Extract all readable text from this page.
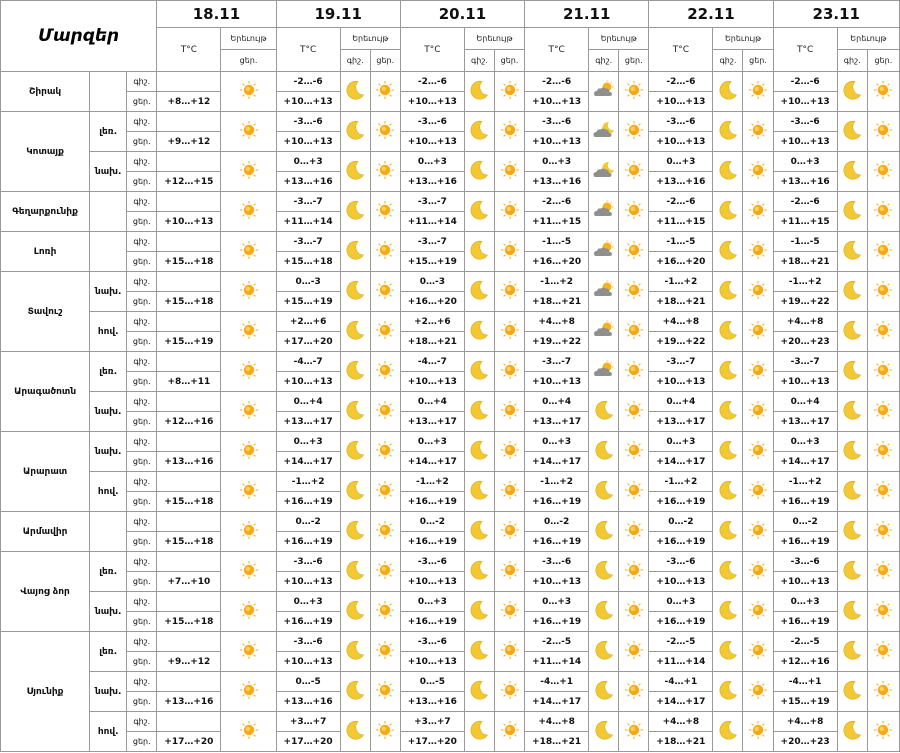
Մարզեր			18.11		19.11			20.11			21.11			22.11			23.11		
			T°C	Երեւույթ	T°C	Երեւույթ		T°C	Երեւույթ		T°C	Երեւույթ		T°C	Երեւույթ		T°C	Երեւույթ	
				ցեր.		գիշ.	ցեր.		գիշ.	ցեր.		գիշ.	ցեր.		գիշ.	ցեր.		գիշ.	ցեր.
Շիրակ		գիշ.			-2…-6			-2…-6			-2…-6			-2…-6			-2…-6	

		ցեր.	+8…+12		+10…+13			+10…+13			+10…+13			+10…+13			+10…+13		
Կոտայք	լեռ.	գիշ.			-3…-6			-3…-6			-3…-6			-3…-6			-3…-6	

		ցեր.	+9…+12		+10…+13			+10…+13			+10…+13			+10…+13			+10…+13		
	նախ.	գիշ.			0…+3			0…+3			0…+3			0…+3			0…+3	

		ցեր.	+12…+15		+13…+16			+13…+16			+13…+16			+13…+16			+13…+16		
Գեղարքունիք		գիշ.			-3…-7			-3…-7			-2…-6			-2…-6			-2…-6	

		ցեր.	+10…+13		+11…+14			+11…+14			+11…+15			+11…+15			+11…+15		
Լոռի		գիշ.			-3…-7			-3…-7			-1…-5			-1…-5			-1…-5	

		ցեր.	+15…+18		+15…+18			+15…+19			+16…+20			+16…+20			+18…+21		
Տավուշ	նախ.	գիշ.			0…-3			0…-3			-1…+2			-1…+2			-1…+2	

		ցեր.	+15…+18		+15…+19			+16…+20			+18…+21			+18…+21			+19…+22		
	հով.	գիշ.			+2…+6			+2…+6			+4…+8			+4…+8			+4…+8	

		ցեր.	+15…+19		+17…+20			+18…+21			+19…+22			+19…+22			+20…+23		
Արագածոտն	լեռ.	գիշ.			-4…-7			-4…-7			-3…-7			-3…-7			-3…-7	

		ցեր.	+8…+11		+10…+13			+10…+13			+10…+13			+10…+13			+10…+13		
	նախ.	գիշ.			0…+4			0…+4			0…+4			0…+4			0…+4	

		ցեր.	+12…+16		+13…+17			+13…+17			+13…+17			+13…+17			+13…+17		
Արարատ	նախ.	գիշ.			0…+3			0…+3			0…+3			0…+3			0…+3	

		ցեր.	+13…+16		+14…+17			+14…+17			+14…+17			+14…+17			+14…+17		
	հով.	գիշ.			-1…+2			-1…+2			-1…+2			-1…+2			-1…+2	

		ցեր.	+15…+18		+16…+19			+16…+19			+16…+19			+16…+19			+16…+19		
Արմավիր		գիշ.			0…-2			0…-2			0…-2			0…-2			0…-2	

		ցեր.	+15…+18		+16…+19			+16…+19			+16…+19			+16…+19			+16…+19		
Վայոց ձոր	լեռ.	գիշ.			-3…-6			-3…-6			-3…-6			-3…-6			-3…-6	

		ցեր.	+7…+10		+10…+13			+10…+13			+10…+13			+10…+13			+10…+13		
	նախ.	գիշ.			0…+3			0…+3			0…+3			0…+3			0…+3	

		ցեր.	+15…+18		+16…+19			+16…+19			+16…+19			+16…+19			+16…+19		
Սյունիք	լեռ.	գիշ.			-3…-6			-3…-6			-2…-5			-2…-5			-2…-5	

		ցեր.	+9…+12		+10…+13			+10…+13			+11…+14			+11…+14			+12…+16		
	նախ.	գիշ.			0…-5			0…-5			-4…+1			-4…+1			-4…+1	

		ցեր.	+13…+16		+13…+16			+13…+16			+14…+17			+14…+17			+15…+19		
	հով.	գիշ.			+3…+7			+3…+7			+4…+8			+4…+8			+4…+8	

		ցեր.	+17…+20		+17…+20			+17…+20			+18…+21			+18…+21			+20…+23		
